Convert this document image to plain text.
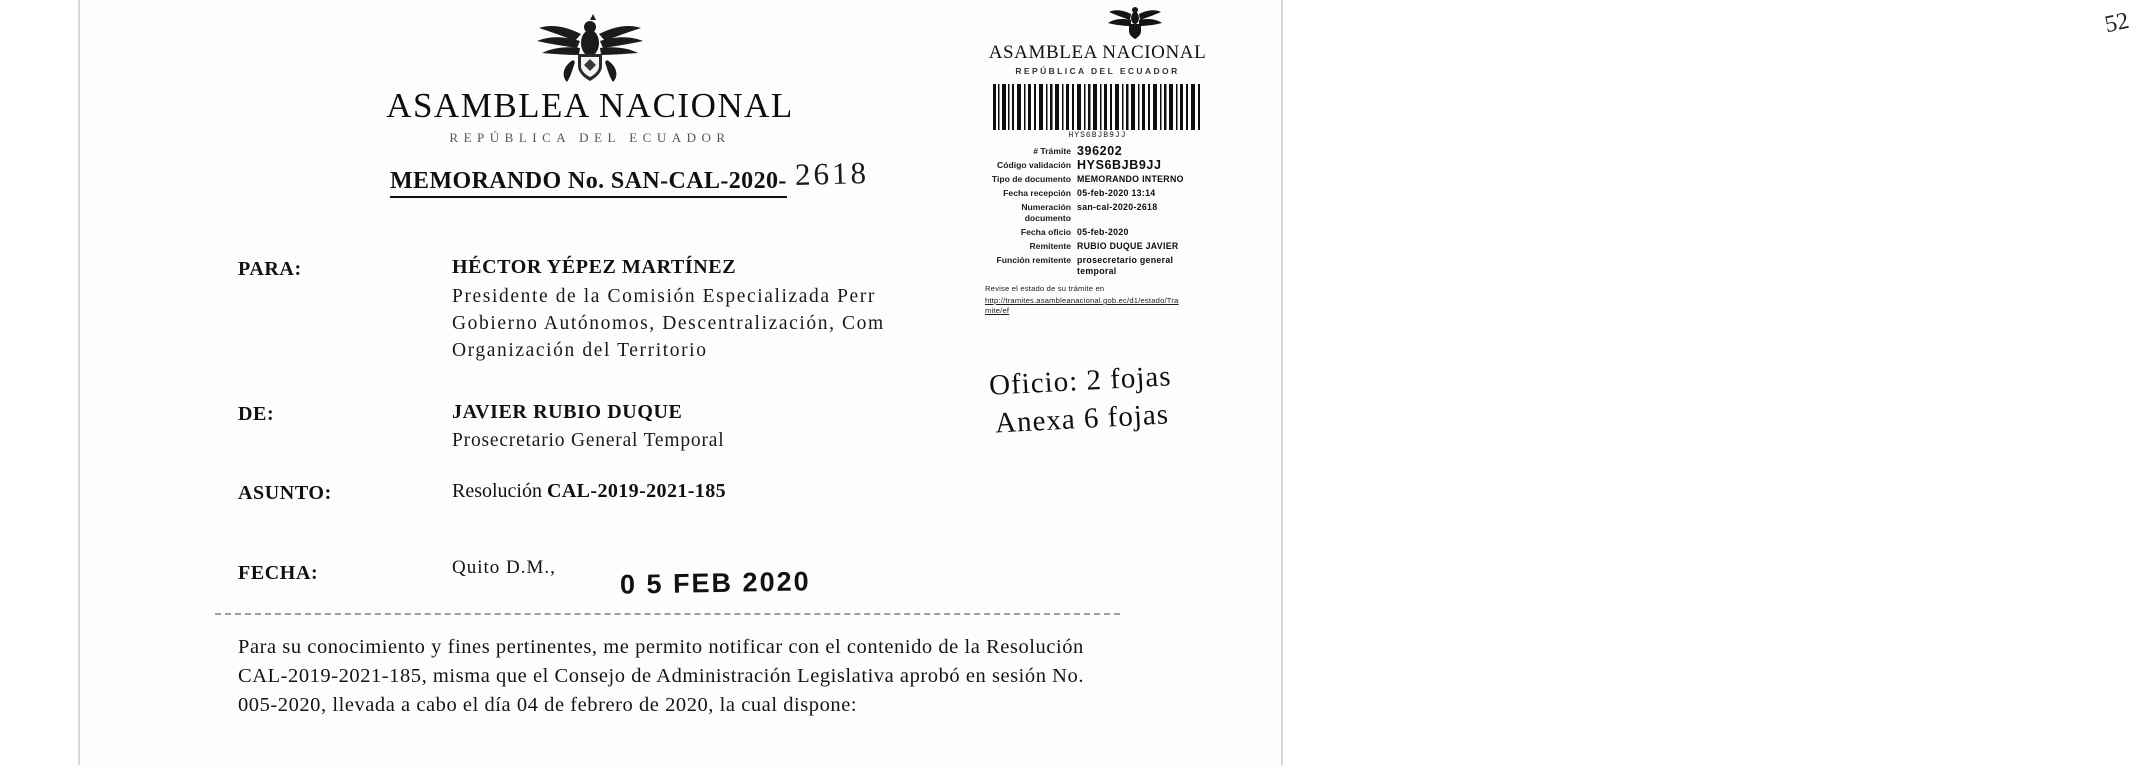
ASAMBLEA NACIONAL
REPÚBLICA DEL ECUADOR
MEMORANDO No. SAN-CAL-2020- 2618
PARA:	HÉCTOR YÉPEZ MARTÍNEZ
Presidente de la Comisión Especializada Perr
Gobierno Autónomos, Descentralización, Com
Organización del Territorio
DE:	JAVIER RUBIO DUQUE
Prosecretario General Temporal
ASUNTO:	Resolución CAL-2019-2021-185
FECHA:	Quito D.M., 0 5 FEB 2020
Para su conocimiento y fines pertinentes, me permito notificar con el contenido de la Resolución CAL-2019-2021-185, misma que el Consejo de Administración Legislativa aprobó en sesión No. 005-2020, llevada a cabo el día 04 de febrero de 2020, la cual dispone:
52
ASAMBLEA NACIONAL
REPÚBLICA DEL ECUADOR
HYS6BJB9JJ
# Trámite 396202
Código validación HYS6BJB9JJ
Tipo de documento MEMORANDO INTERNO
Fecha recepción 05-feb-2020 13:14
Numeración documento
san-cal-2020-2618
Fecha oficio 05-feb-2020
Remitente RUBIO DUQUE JAVIER
Función remitente prosecretario general temporal
Revise el estado de su trámite en
http://tramites.asambleanacional.gob.ec/d1/estado/Tramite/ef
Oficio: 2 fojas
Anexa 6 fojas
